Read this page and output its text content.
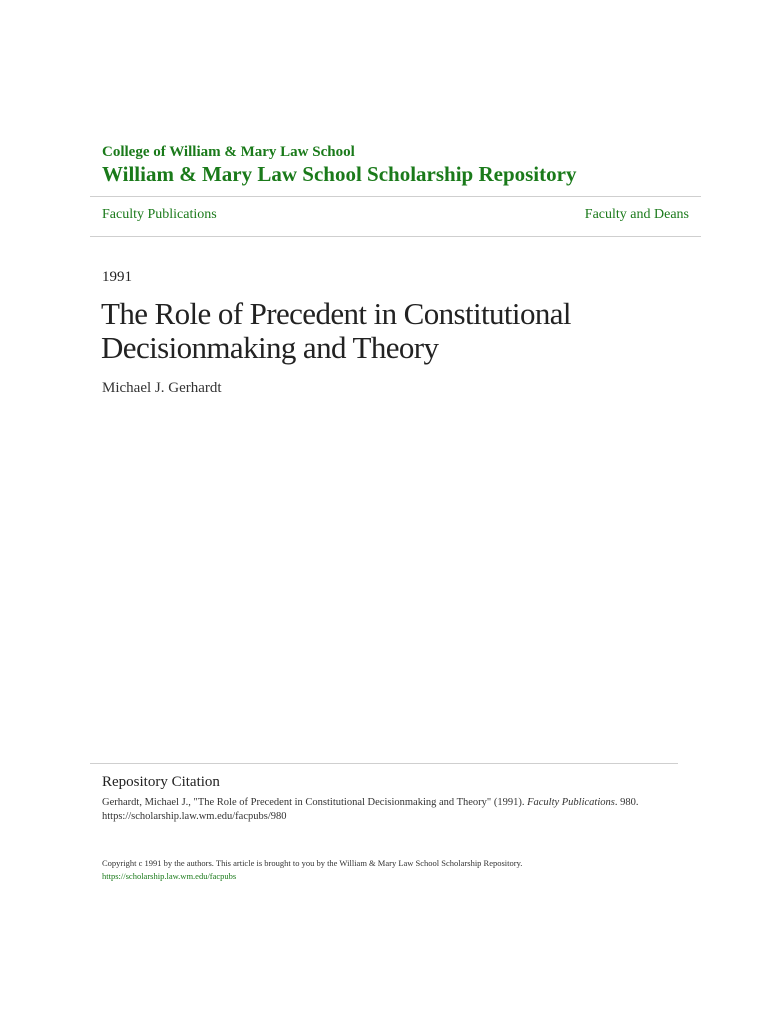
College of William & Mary Law School
William & Mary Law School Scholarship Repository
Faculty Publications	Faculty and Deans
1991
The Role of Precedent in Constitutional
Decisionmaking and Theory
Michael J. Gerhardt
Repository Citation
Gerhardt, Michael J., "The Role of Precedent in Constitutional Decisionmaking and Theory" (1991). Faculty Publications. 980.
https://scholarship.law.wm.edu/facpubs/980
Copyright c 1991 by the authors. This article is brought to you by the William & Mary Law School Scholarship Repository.
https://scholarship.law.wm.edu/facpubs
